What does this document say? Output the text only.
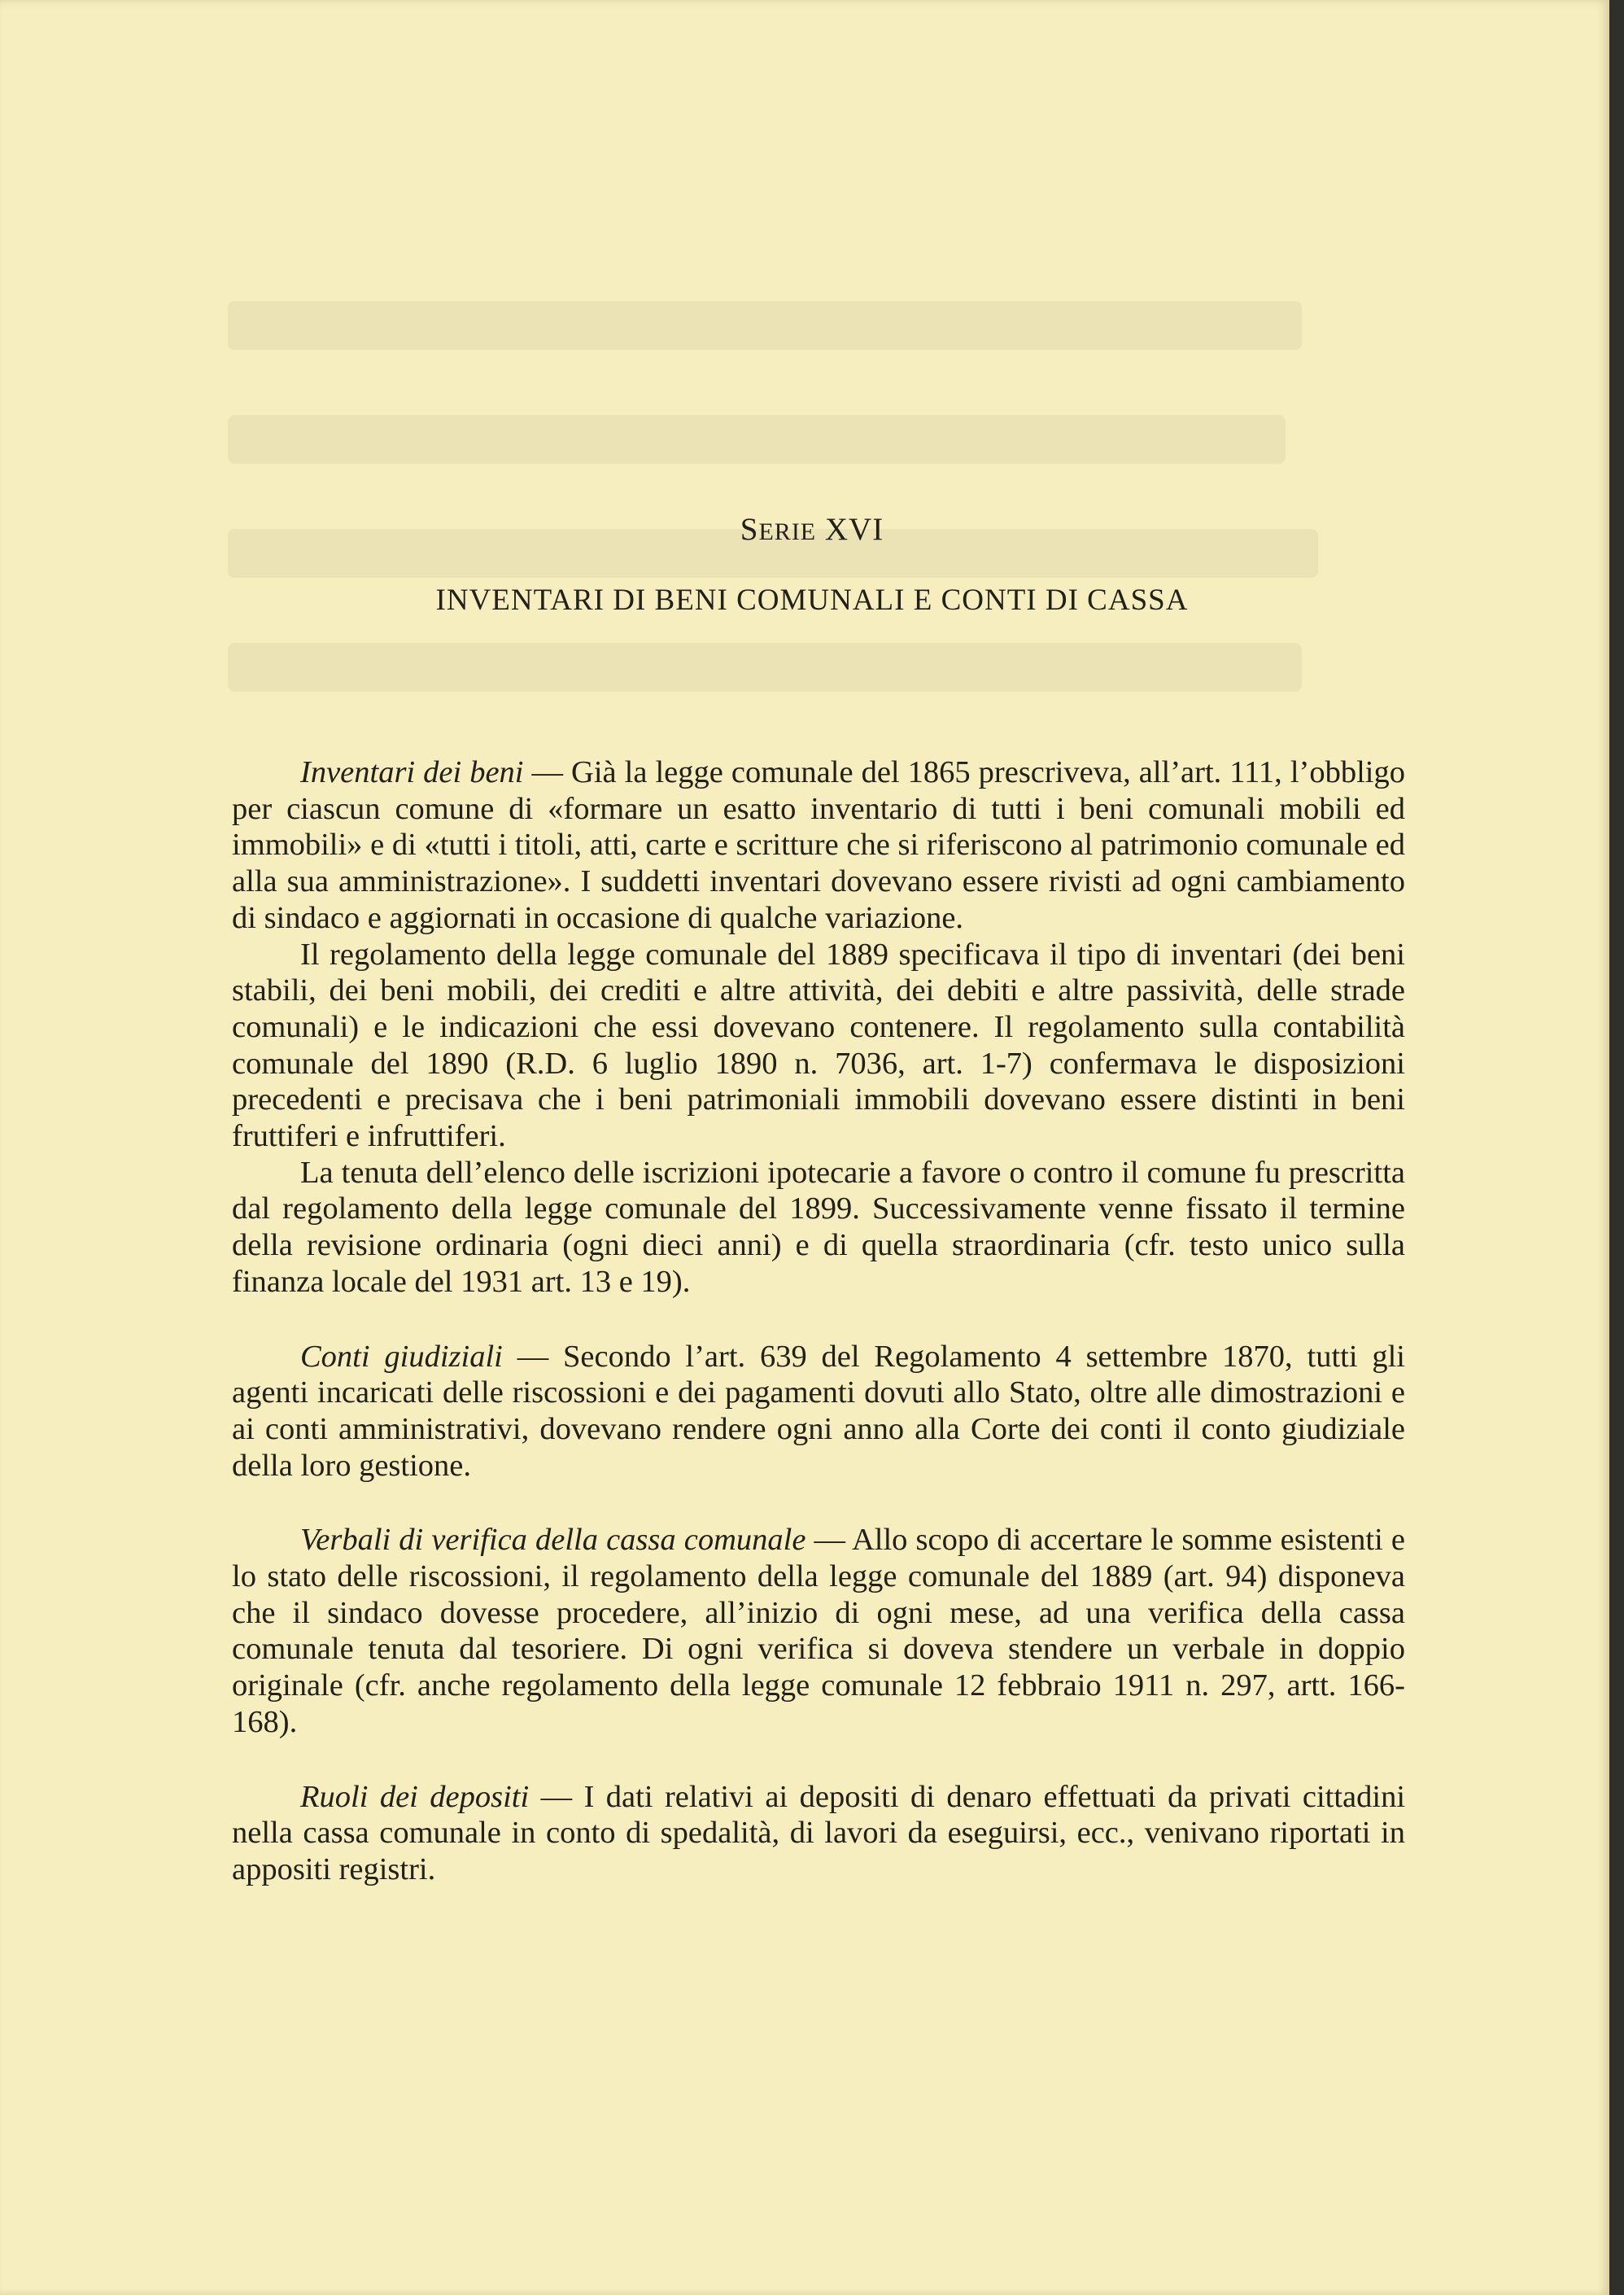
SERIE XVI
INVENTARI DI BENI COMUNALI E CONTI DI CASSA

Inventari dei beni — Già la legge comunale del 1865 prescriveva, all’art. 111, l’obbligo per ciascun comune di «formare un esatto inventario di tutti i beni comunali mobili ed immobili» e di «tutti i titoli, atti, carte e scritture che si riferiscono al patrimonio comunale ed alla sua amministrazione». I suddetti inventari dovevano essere rivisti ad ogni cambiamento di sindaco e aggiornati in occasione di qualche variazione.

Il regolamento della legge comunale del 1889 specificava il tipo di inventari (dei beni stabili, dei beni mobili, dei crediti e altre attività, dei debiti e altre passività, delle strade comunali) e le indicazioni che essi dovevano contenere. Il regolamento sulla contabilità comunale del 1890 (R.D. 6 luglio 1890 n. 7036, art. 1-7) confermava le disposizioni precedenti e precisava che i beni patrimoniali immobili dovevano essere distinti in beni fruttiferi e infruttiferi.

La tenuta dell’elenco delle iscrizioni ipotecarie a favore o contro il comune fu prescritta dal regolamento della legge comunale del 1899. Successivamente venne fissato il termine della revisione ordinaria (ogni dieci anni) e di quella straordinaria (cfr. testo unico sulla finanza locale del 1931 art. 13 e 19).

Conti giudiziali — Secondo l’art. 639 del Regolamento 4 settembre 1870, tutti gli agenti incaricati delle riscossioni e dei pagamenti dovuti allo Stato, oltre alle dimostrazioni e ai conti amministrativi, dovevano rendere ogni anno alla Corte dei conti il conto giudiziale della loro gestione.

Verbali di verifica della cassa comunale — Allo scopo di accertare le somme esistenti e lo stato delle riscossioni, il regolamento della legge comunale del 1889 (art. 94) disponeva che il sindaco dovesse procedere, all’inizio di ogni mese, ad una verifica della cassa comunale tenuta dal tesoriere. Di ogni verifica si doveva stendere un verbale in doppio originale (cfr. anche regolamento della legge comunale 12 febbraio 1911 n. 297, artt. 166-168).

Ruoli dei depositi — I dati relativi ai depositi di denaro effettuati da privati cittadini nella cassa comunale in conto di spedalità, di lavori da eseguirsi, ecc., venivano riportati in appositi registri.
